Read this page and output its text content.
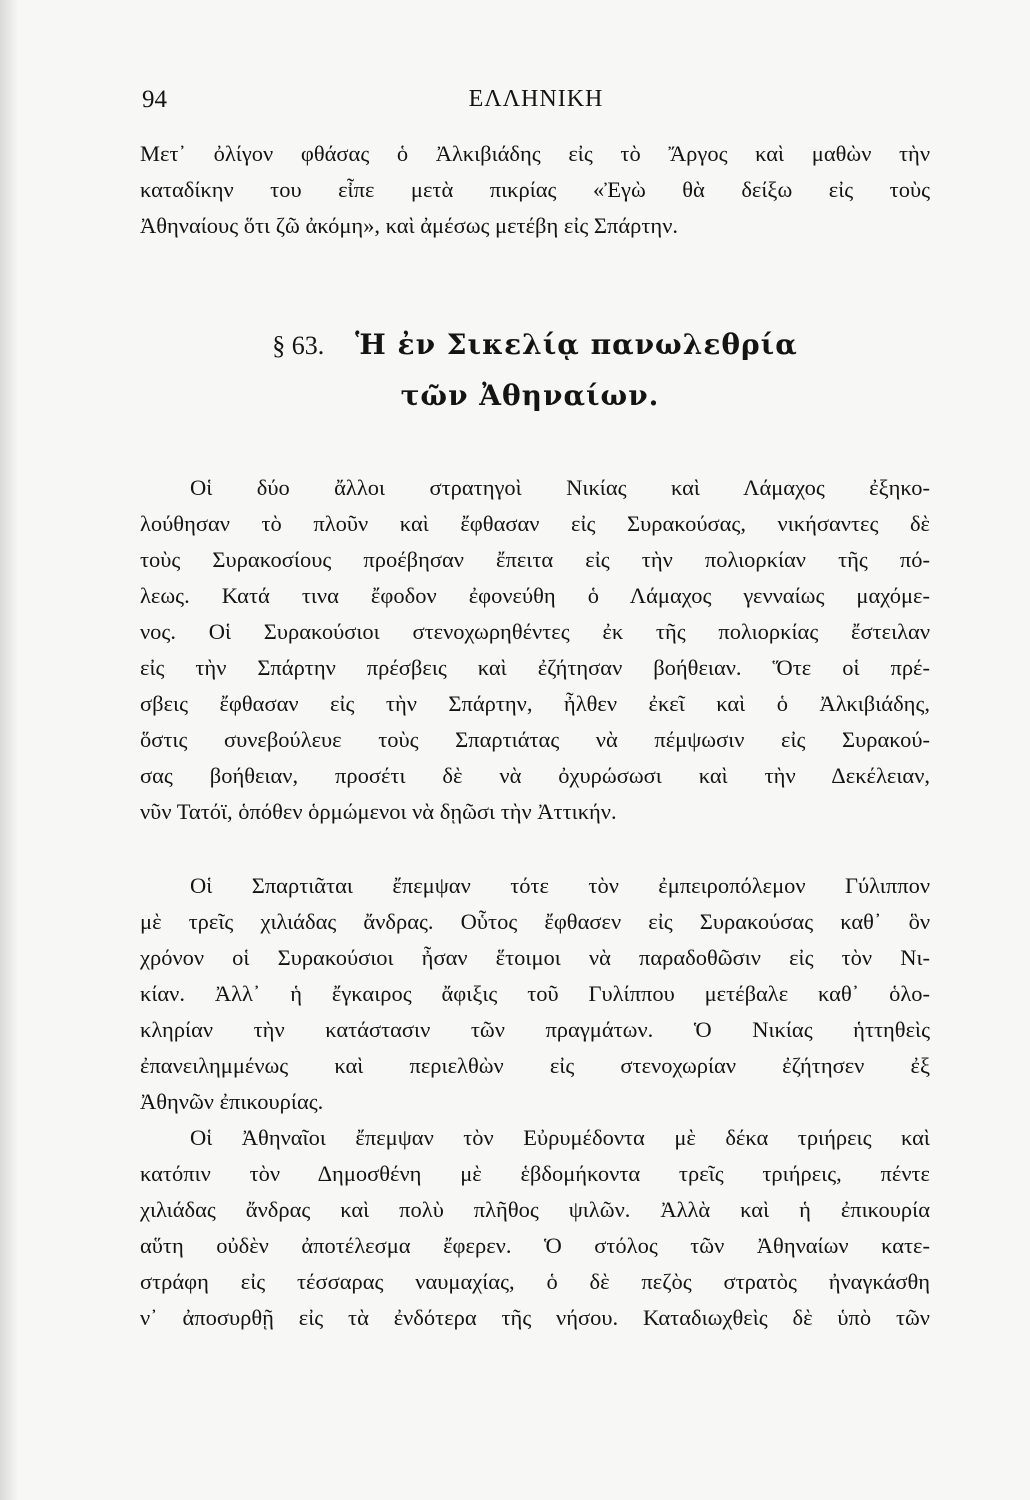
94	ΕΛΛΗΝΙΚΗ
Μετ᾽ ὀλίγον φθάσας ὁ Ἀλκιβιάδης εἰς τὸ Ἄργος καὶ μαθὼν τὴν
καταδίκην του εἶπε μετὰ πικρίας «Ἐγὼ θὰ δείξω εἰς τοὺς
Ἀθηναίους ὅτι ζῶ ἀκόμη», καὶ ἀμέσως μετέβη εἰς Σπάρτην.
§ 63. Ἡ ἐν Σικελίᾳ πανωλεθρία
τῶν Ἀθηναίων.
Οἱ δύο ἄλλοι στρατηγοὶ Νικίας καὶ Λάμαχος ἐξηκο-
λούθησαν τὸ πλοῦν καὶ ἔφθασαν εἰς Συρακούσας, νικήσαντες δὲ
τοὺς Συρακοσίους προέβησαν ἔπειτα εἰς τὴν πολιορκίαν τῆς πό-
λεως. Κατά τινα ἔφοδον ἐφονεύθη ὁ Λάμαχος γενναίως μαχόμε-
νος. Οἱ Συρακούσιοι στενοχωρηθέντες ἐκ τῆς πολιορκίας ἔστειλαν
εἰς τὴν Σπάρτην πρέσβεις καὶ ἐζήτησαν βοήθειαν. Ὅτε οἱ πρέ-
σβεις ἔφθασαν εἰς τὴν Σπάρτην, ἦλθεν ἐκεῖ καὶ ὁ Ἀλκιβιάδης,
ὅστις συνεβούλευε τοὺς Σπαρτιάτας νὰ πέμψωσιν εἰς Συρακού-
σας βοήθειαν, προσέτι δὲ νὰ ὀχυρώσωσι καὶ τὴν Δεκέλειαν,
νῦν Τατόϊ, ὁπόθεν ὁρμώμενοι νὰ δῃῶσι τὴν Ἀττικήν.
Οἱ Σπαρτιᾶται ἔπεμψαν τότε τὸν ἐμπειροπόλεμον Γύλιππον
μὲ τρεῖς χιλιάδας ἄνδρας. Οὗτος ἔφθασεν εἰς Συρακούσας καθ᾽ ὃν
χρόνον οἱ Συρακούσιοι ἦσαν ἕτοιμοι νὰ παραδοθῶσιν εἰς τὸν Νι-
κίαν. Ἀλλ᾽ ἡ ἔγκαιρος ἄφιξις τοῦ Γυλίππου μετέβαλε καθ᾽ ὁλο-
κληρίαν τὴν κατάστασιν τῶν πραγμάτων. Ὁ Νικίας ἡττηθεὶς
ἐπανειλημμένως καὶ περιελθὼν εἰς στενοχωρίαν ἐζήτησεν ἐξ
Ἀθηνῶν ἐπικουρίας.
Οἱ Ἀθηναῖοι ἔπεμψαν τὸν Εὐρυμέδοντα μὲ δέκα τριήρεις καὶ
κατόπιν τὸν Δημοσθένη μὲ ἑβδομήκοντα τρεῖς τριήρεις, πέντε
χιλιάδας ἄνδρας καὶ πολὺ πλῆθος ψιλῶν. Ἀλλὰ καὶ ἡ ἐπικουρία
αὕτη οὐδὲν ἀποτέλεσμα ἔφερεν. Ὁ στόλος τῶν Ἀθηναίων κατε-
στράφη εἰς τέσσαρας ναυμαχίας, ὁ δὲ πεζὸς στρατὸς ἠναγκάσθη
ν᾽ ἀποσυρθῇ εἰς τὰ ἐνδότερα τῆς νήσου. Καταδιωχθεὶς δὲ ὑπὸ τῶν
